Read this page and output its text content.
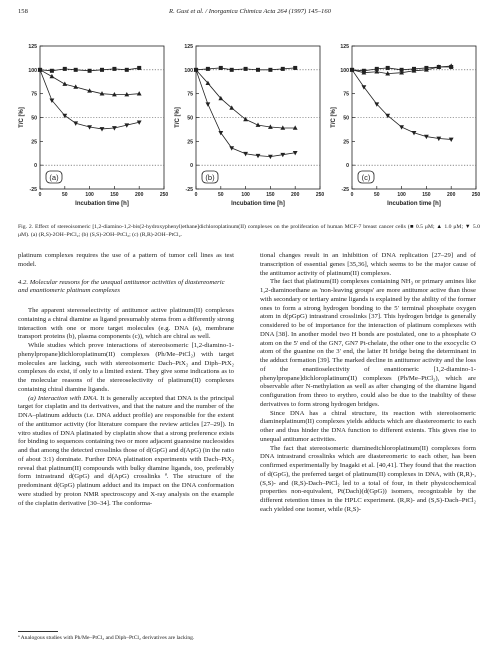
158	R. Gust et al. / Inorganica Chimica Acta 264 (1997) 145–160
-25
0
25
50
75
100
125
0	50	100	150	200	250
Incubation time [h]
T/C [%]
(a)
-25
0
25
50
75
100
125
0	50	100	150	200	250
Incubation time [h]
T/C [%]
(b)
-25
0
25
50
75
100
125
0	50	100	150	200	250
Incubation time [h]
T/C [%]
(c)
Fig. 2. Effect of stereoisomeric [1,2-diamino-1,2-bis(2-hydroxyphenyl)ethane]dichloroplatinum(II) complexes on the proliferation of human MCF-7 breast cancer cells (■ 0.5 μM; ▲ 1.0 μM; ▼ 5.0 μM). (a) (R,S)-2OH–PtCl₂; (b) (S,S)-2OH–PtCl₂; (c) (R,R)-2OH–PtCl₂.

platinum complexes requires the use of a pattern of tumor cell lines as test model.

4.2. Molecular reasons for the unequal antitumor activities of diastereomeric and enantiomeric platinum complexes

The apparent stereoselectivity of antitumor active platinum(II) complexes containing a chiral diamine as ligand presumably stems from a differently strong interaction with one or more target molecules (e.g. DNA (a), membrane transport proteins (b), plasma components (c)), which are chiral as well.

While studies which prove interactions of stereoisomeric [1,2-diamino-1-phenylpropane]dichloroplatinum(II) complexes (Ph/Me–PtCl₂) with target molecules are lacking, such with stereoisomeric Dach–PtX₂ and Diph–PtX₂ complexes do exist, if only to a limited extent. They give some indications as to the molecular reasons of the stereoselectivity of platinum(II) complexes containing chiral diamine ligands.

(a) Interaction with DNA. It is generally accepted that DNA is the principal target for cisplatin and its derivatives, and that the nature and the number of the DNA–platinum adducts (i.e. DNA adduct profile) are responsible for the extent of the antitumor activity (for literature compare the review articles [27–29]). In vitro studies of DNA platinated by cisplatin show that a strong preference exists for binding to sequences containing two or more adjacent guanosine nucleosides and that among the detected crosslinks those of d(GpG) and d(ApG) (in the ratio of about 3:1) dominate. Further DNA platination experiments with Dach–PtX₂ reveal that platinum(II) compounds with bulky diamine ligands, too, preferably form intrastrand d(GpG) and d(ApG) crosslinks ª. The structure of the predominant d(GpG) platinum adduct and its impact on the DNA conformation were studied by proton NMR spectroscopy and X-ray analysis on the example of the cisplatin derivative [30–34]. The conforma-

ª Analogous studies with Ph/Me–PtCl₂ and Diph–PtCl₂ derivatives are lacking.

tional changes result in an inhibition of DNA replication [27–29] and of transcription of essential genes [35,36], which seems to be the major cause of the antitumor activity of platinum(II) complexes.

The fact that platinum(II) complexes containing NH₃ or primary amines like 1,2-diaminoethane as 'non-leaving groups' are more antitumor active than those with secondary or tertiary amine ligands is explained by the ability of the former ones to form a strong hydrogen bonding to the 5′ terminal phosphate oxygen atom in d(pGpG) intrastrand crosslinks [37]. This hydrogen bridge is generally considered to be of importance for the interaction of platinum complexes with DNA [38]. In another model two H bonds are postulated, one to a phosphate O atom on the 5′ end of the GN7, GN7 Pt-chelate, the other one to the exocyclic O atom of the guanine on the 3′ end, the latter H bridge being the determinant in the adduct formation [39]. The marked decline in antitumor activity and the loss of the enantioselectivity of enantiomeric [1,2-diamino-1-phenylpropane]dichloroplatinum(II) complexes (Ph/Me–PtCl₂), which are observable after N-methylation as well as after changing of the diamine ligand configuration from threo to erythro, could also be due to the inability of these derivatives to form strong hydrogen bridges.

Since DNA has a chiral structure, its reaction with stereoisomeric diamineplatinum(II) complexes yields adducts which are diastereomeric to each other and thus hinder the DNA function to different extents. This gives rise to unequal antitumor activities.

The fact that stereoisomeric diaminedichloroplatinum(II) complexes form DNA intrastrand crosslinks which are diastereomeric to each other, has been confirmed experimentally by Inagaki et al. [40,41]. They found that the reaction of d(GpG), the preferred target of platinum(II) complexes in DNA, with (R,R)-, (S,S)- and (R,S)-Dach–PtCl₂ led to a total of four, in their physicochemical properties non-equivalent, Pt(Dach)(d(GpG)) isomers, recognizable by the different retention times in the HPLC experiment. (R,R)- and (S,S)-Dach–PtCl₂ each yielded one isomer, while (R,S)-
